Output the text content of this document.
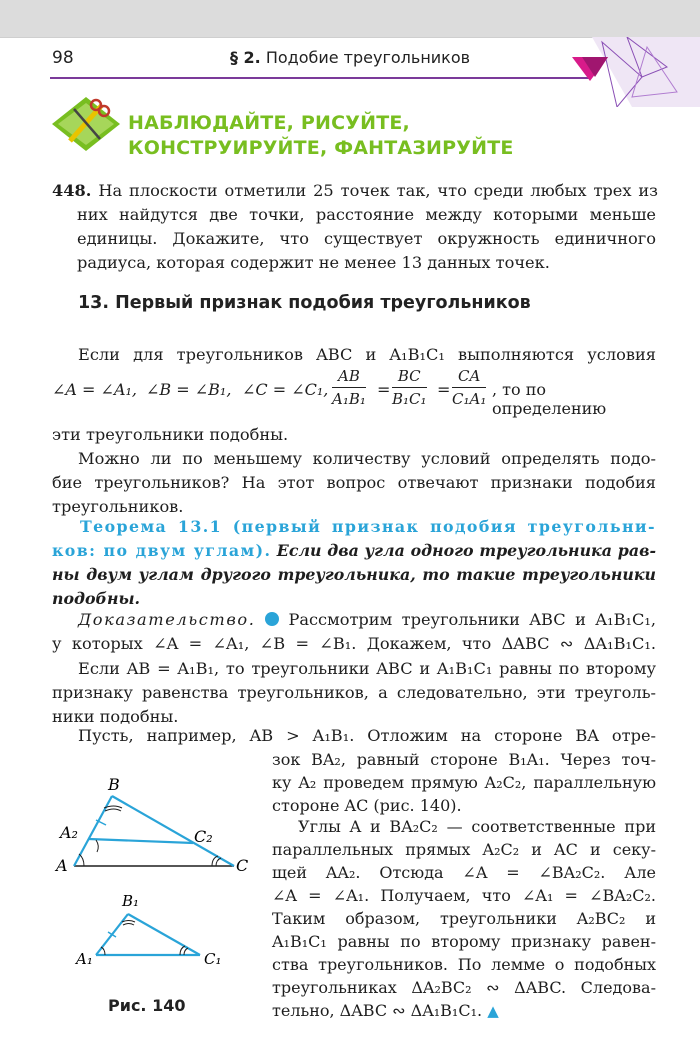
98	§ 2. Подобие треугольников
НАБЛЮДАЙТЕ, РИСУЙТЕ,
КОНСТРУИРУЙТЕ, ФАНТАЗИРУЙТЕ
448. На плоскости отметили 25 точек так, что среди любых трех из
них найдутся две точки, расстояние между которыми меньше
единицы. Докажите, что существует окружность единичного
радиуса, которая содержит не менее 13 данных точек.
13. Первый признак подобия треугольников
Если для треугольников ABC и A₁B₁C₁ выполняются условия
∠A = ∠A₁, ∠B = ∠B₁, ∠C = ∠C₁, $\frac{AB}{\text{A₁B₁}} = \frac{BC}{\text{B₁C₁}} = \frac{CA}{\text{C₁A₁}}$ , то по определению
эти треугольники подобны.
Можно ли по меньшему количеству условий определять подо-
бие треугольников? На этот вопрос отвечают признаки подобия
треугольников.
Теорема 13.1 (первый признак подобия треугольни-
ков: по двум углам). Если два угла одного треугольника рав-
ны двум углам другого треугольника, то такие треугольники
подобны.
Доказательство. Рассмотрим треугольники ABC и A₁B₁C₁,
у которых ∠A = ∠A₁, ∠B = ∠B₁. Докажем, что ΔABC ∾ ΔA₁B₁C₁.
Если AB = A₁B₁, то треугольники ABC и A₁B₁C₁ равны по второму
признаку равенства треугольников, а следовательно, эти треуголь-
ники подобны.
Пусть, например, AB > A₁B₁. Отложим на стороне BA отре-
зок BA₂, равный стороне B₁A₁. Через точ-
ку A₂ проведем прямую A₂C₂, параллельную
стороне AC (рис. 140).
Углы A и BA₂C₂ — соответственные при
параллельных прямых A₂C₂ и AC и секу-
щей AA₂. Отсюда ∠A = ∠BA₂C₂. Але
∠A = ∠A₁. Получаем, что ∠A₁ = ∠BA₂C₂.
Таким образом, треугольники A₂BC₂ и
A₁B₁C₁ равны по второму признаку равен-
ства треугольников. По лемме о подобных
треугольниках ΔA₂BC₂ ∾ ΔABC. Следова-
тельно, ΔABC ∾ ΔA₁B₁C₁. ▲
B
A₂
A
C₂
C
B₁
A₁	C₁
Рис. 140
